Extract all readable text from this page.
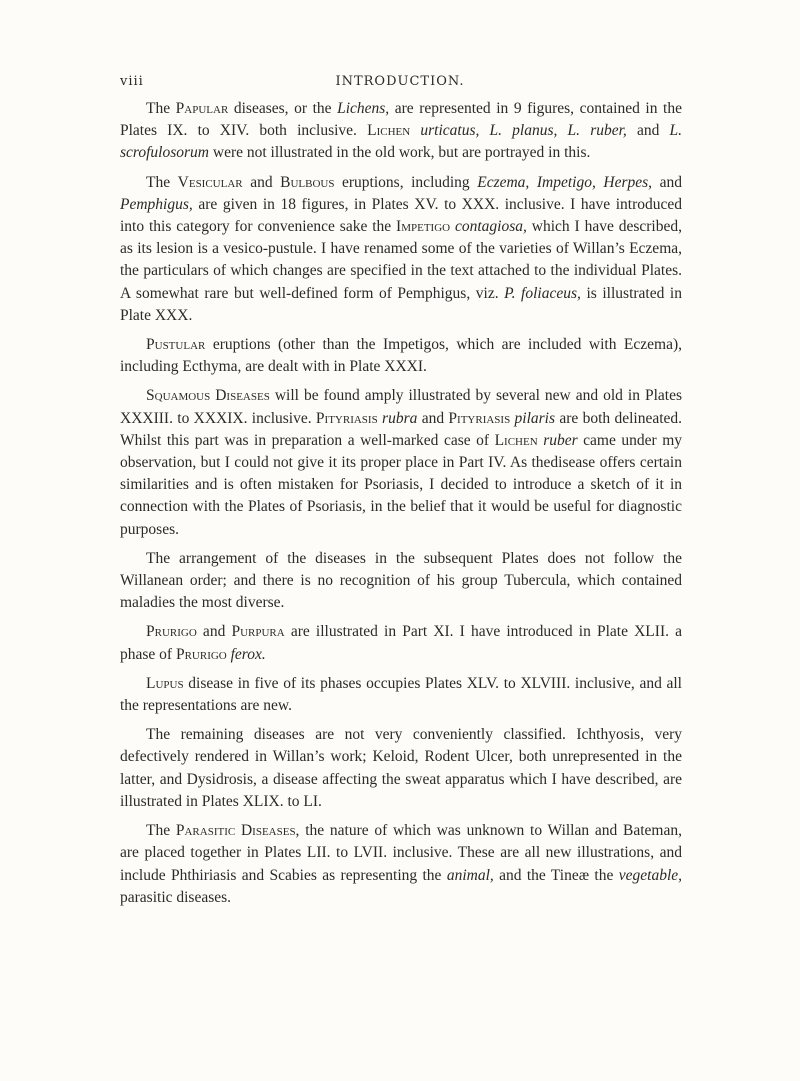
viii	INTRODUCTION.

The Papular diseases, or the Lichens, are represented in 9 figures, contained in the Plates IX. to XIV. both inclusive. Lichen urticatus, L. planus, L. ruber, and L. scrofulosorum were not illustrated in the old work, but are portrayed in this.

The Vesicular and Bulbous eruptions, including Eczema, Impetigo, Herpes, and Pemphigus, are given in 18 figures, in Plates XV. to XXX. inclusive. I have introduced into this category for convenience sake the Impetigo contagiosa, which I have described, as its lesion is a vesico-pustule. I have renamed some of the varieties of Willan’s Eczema, the particulars of which changes are specified in the text attached to the individual Plates. A somewhat rare but well-defined form of Pemphigus, viz. P. foliaceus, is illustrated in Plate XXX.

Pustular eruptions (other than the Impetigos, which are included with Eczema), including Ecthyma, are dealt with in Plate XXXI.

Squamous Diseases will be found amply illustrated by several new and old in Plates XXXIII. to XXXIX. inclusive. Pityriasis rubra and Pityriasis pilaris are both delineated. Whilst this part was in preparation a well-marked case of Lichen ruber came under my observation, but I could not give it its proper place in Part IV. As thedisease offers certain similarities and is often mistaken for Psoriasis, I decided to introduce a sketch of it in connection with the Plates of Psoriasis, in the belief that it would be useful for diagnostic purposes.

The arrangement of the diseases in the subsequent Plates does not follow the Willanean order; and there is no recognition of his group Tubercula, which contained maladies the most diverse.

Prurigo and Purpura are illustrated in Part XI. I have introduced in Plate XLII. a phase of Prurigo ferox.

Lupus disease in five of its phases occupies Plates XLV. to XLVIII. inclusive, and all the representations are new.

The remaining diseases are not very conveniently classified. Ichthyosis, very defectively rendered in Willan’s work; Keloid, Rodent Ulcer, both unrepresented in the latter, and Dysidrosis, a disease affecting the sweat apparatus which I have described, are illustrated in Plates XLIX. to LI.

The Parasitic Diseases, the nature of which was unknown to Willan and Bateman, are placed together in Plates LII. to LVII. inclusive. These are all new illustrations, and include Phthiriasis and Scabies as representing the animal, and the Tineæ the vegetable, parasitic diseases.
